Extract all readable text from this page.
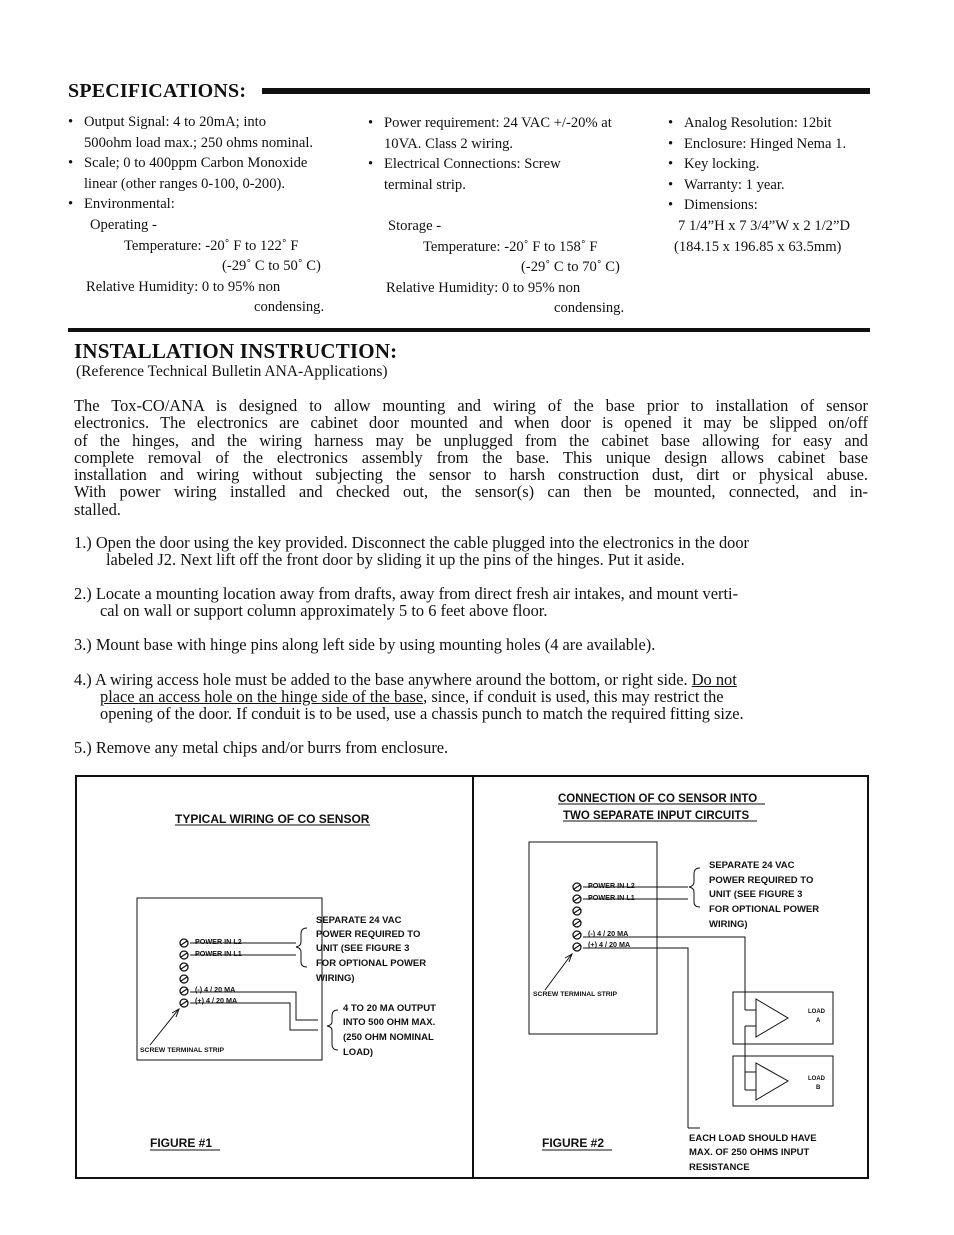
SPECIFICATIONS:
• Output Signal: 4 to 20mA; into
500ohm load max.; 250 ohms nominal.
• Scale; 0 to 400ppm Carbon Monoxide
linear (other ranges 0-100, 0-200).
• Environmental:
Operating -
Temperature: -20˚ F to 122˚ F
(-29˚ C to 50˚ C)
Relative Humidity: 0 to 95% non
condensing.
• Power requirement: 24 VAC +/-20% at
10VA. Class 2 wiring.
• Electrical Connections: Screw
terminal strip.
Storage -
Temperature: -20˚ F to 158˚ F
(-29˚ C to 70˚ C)
Relative Humidity: 0 to 95% non
condensing.
• Analog Resolution: 12bit
• Enclosure: Hinged Nema 1.
• Key locking.
• Warranty: 1 year.
• Dimensions:
7 1/4”H x 7 3/4”W x 2 1/2”D
(184.15 x 196.85 x 63.5mm)
INSTALLATION INSTRUCTION:
(Reference Technical Bulletin ANA-Applications)
The Tox-CO/ANA is designed to allow mounting and wiring of the base prior to installation of sensor
electronics. The electronics are cabinet door mounted and when door is opened it may be slipped on/off
of the hinges, and the wiring harness may be unplugged from the cabinet base allowing for easy and
complete removal of the electronics assembly from the base. This unique design allows cabinet base
installation and wiring without subjecting the sensor to harsh construction dust, dirt or physical abuse.
With power wiring installed and checked out, the sensor(s) can then be mounted, connected, and in-
stalled.
1.) Open the door using the key provided. Disconnect the cable plugged into the electronics in the door
labeled J2. Next lift off the front door by sliding it up the pins of the hinges. Put it aside.
2.) Locate a mounting location away from drafts, away from direct fresh air intakes, and mount verti-
cal on wall or support column approximately 5 to 6 feet above floor.
3.) Mount base with hinge pins along left side by using mounting holes (4 are available).
4.) A wiring access hole must be added to the base anywhere around the bottom, or right side. Do not
place an access hole on the hinge side of the base, since, if conduit is used, this may restrict the
opening of the door. If conduit is to be used, use a chassis punch to match the required fitting size.
5.) Remove any metal chips and/or burrs from enclosure.
TYPICAL WIRING OF CO SENSOR
POWER IN L2
POWER IN L1
(-) 4 / 20 MA
(+) 4 / 20 MA
SCREW TERMINAL STRIP
SEPARATE 24 VAC
POWER REQUIRED TO
UNIT (SEE FIGURE 3
FOR OPTIONAL POWER
WIRING)
4 TO 20 MA OUTPUT
INTO 500 OHM MAX.
(250 OHM NOMINAL
LOAD)
FIGURE #1
CONNECTION OF CO SENSOR INTO
TWO SEPARATE INPUT CIRCUITS
POWER IN L2
POWER IN L1
(-) 4 / 20 MA
(+) 4 / 20 MA
SCREW TERMINAL STRIP
SEPARATE 24 VAC
POWER REQUIRED TO
UNIT (SEE FIGURE 3
FOR OPTIONAL POWER
WIRING)
LOAD
A
LOAD
B
EACH LOAD SHOULD HAVE
MAX. OF 250 OHMS INPUT
RESISTANCE
FIGURE #2
